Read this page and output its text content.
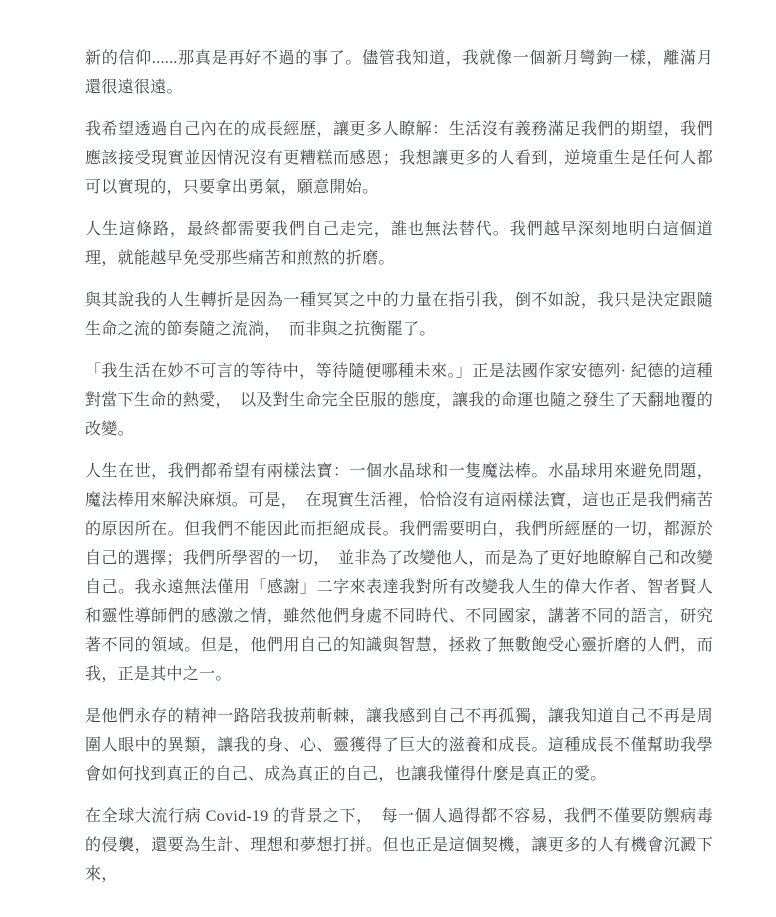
新的信仰......那真是再好不過的事了。儘管我知道，我就像一個新月彎鉤一樣，離滿月還很遠很遠。

我希望透過自己內在的成長經歷，讓更多人瞭解：生活沒有義務滿足我們的期望，我們應該接受現實並因情況沒有更糟糕而感恩；我想讓更多的人看到，逆境重生是任何人都可以實現的，只要拿出勇氣，願意開始。

人生這條路，最終都需要我們自己走完，誰也無法替代。我們越早深刻地明白這個道理，就能越早免受那些痛苦和煎熬的折磨。

與其說我的人生轉折是因為一種冥冥之中的力量在指引我，倒不如說，我只是決定跟隨生命之流的節奏隨之流淌，　而非與之抗衡罷了。

「我生活在妙不可言的等待中，等待隨便哪種未來。」正是法國作家安德列· 紀德的這種對當下生命的熱愛，　以及對生命完全臣服的態度，讓我的命運也隨之發生了天翻地覆的改變。

人生在世，我們都希望有兩樣法寶：一個水晶球和一隻魔法棒。水晶球用來避免問題，魔法棒用來解決麻煩。可是，　在現實生活裡，恰恰沒有這兩樣法寶，這也正是我們痛苦的原因所在。但我們不能因此而拒絕成長。我們需要明白，我們所經歷的一切，都源於自己的選擇；我們所學習的一切，　並非為了改變他人，而是為了更好地瞭解自己和改變自己。我永遠無法僅用「感謝」二字來表達我對所有改變我人生的偉大作者、智者賢人和靈性導師們的感激之情，雖然他們身處不同時代、不同國家，講著不同的語言，研究著不同的領域。但是，他們用自己的知識與智慧，拯救了無數飽受心靈折磨的人們，而我，正是其中之一。

是他們永存的精神一路陪我披荊斬棘，讓我感到自己不再孤獨，讓我知道自己不再是周圍人眼中的異類，讓我的身、心、靈獲得了巨大的滋養和成長。這種成長不僅幫助我學會如何找到真正的自己、成為真正的自己，也讓我懂得什麼是真正的愛。

在全球大流行病 Covid-19 的背景之下，　每一個人過得都不容易，我們不僅要防禦病毒的侵襲，還要為生計、理想和夢想打拼。但也正是這個契機，讓更多的人有機會沉澱下來，
